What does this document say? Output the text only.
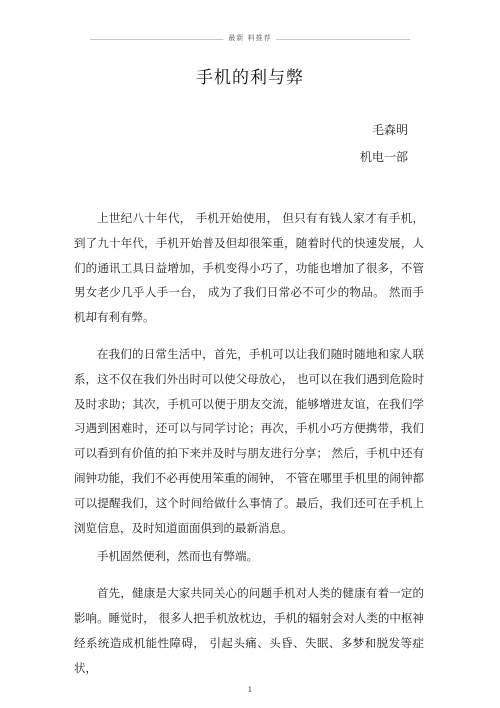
最新 料推荐
手机的利与弊
毛森明
机电一部

上世纪八十年代， 手机开始使用， 但只有有钱人家才有手机， 到了九十年代，手机开始普及但却很笨重，随着时代的快速发展，人们的通讯工具日益增加，手机变得小巧了，功能也增加了很多，不管男女老少几乎人手一台， 成为了我们日常必不可少的物品。 然而手机却有利有弊。

在我们的日常生活中，首先，手机可以让我们随时随地和家人联系，这不仅在我们外出时可以使父母放心， 也可以在我们遇到危险时及时求助；其次，手机可以便于朋友交流，能够增进友谊，在我们学习遇到困难时，还可以与同学讨论；再次，手机小巧方便携带，我们可以看到有价值的拍下来并及时与朋友进行分享； 然后，手机中还有闹钟功能，我们不必再使用笨重的闹钟， 不管在哪里手机里的闹钟都可以提醒我们，这个时间给做什么事情了。最后，我们还可在手机上浏览信息，及时知道面面俱到的最新消息。

手机固然便利，然而也有弊端。

首先，健康是大家共同关心的问题手机对人类的健康有着一定的影响。睡觉时， 很多人把手机放枕边，手机的辐射会对人类的中枢神经系统造成机能性障碍， 引起头痛、头昏、失眠、多梦和脱发等症状，

1
